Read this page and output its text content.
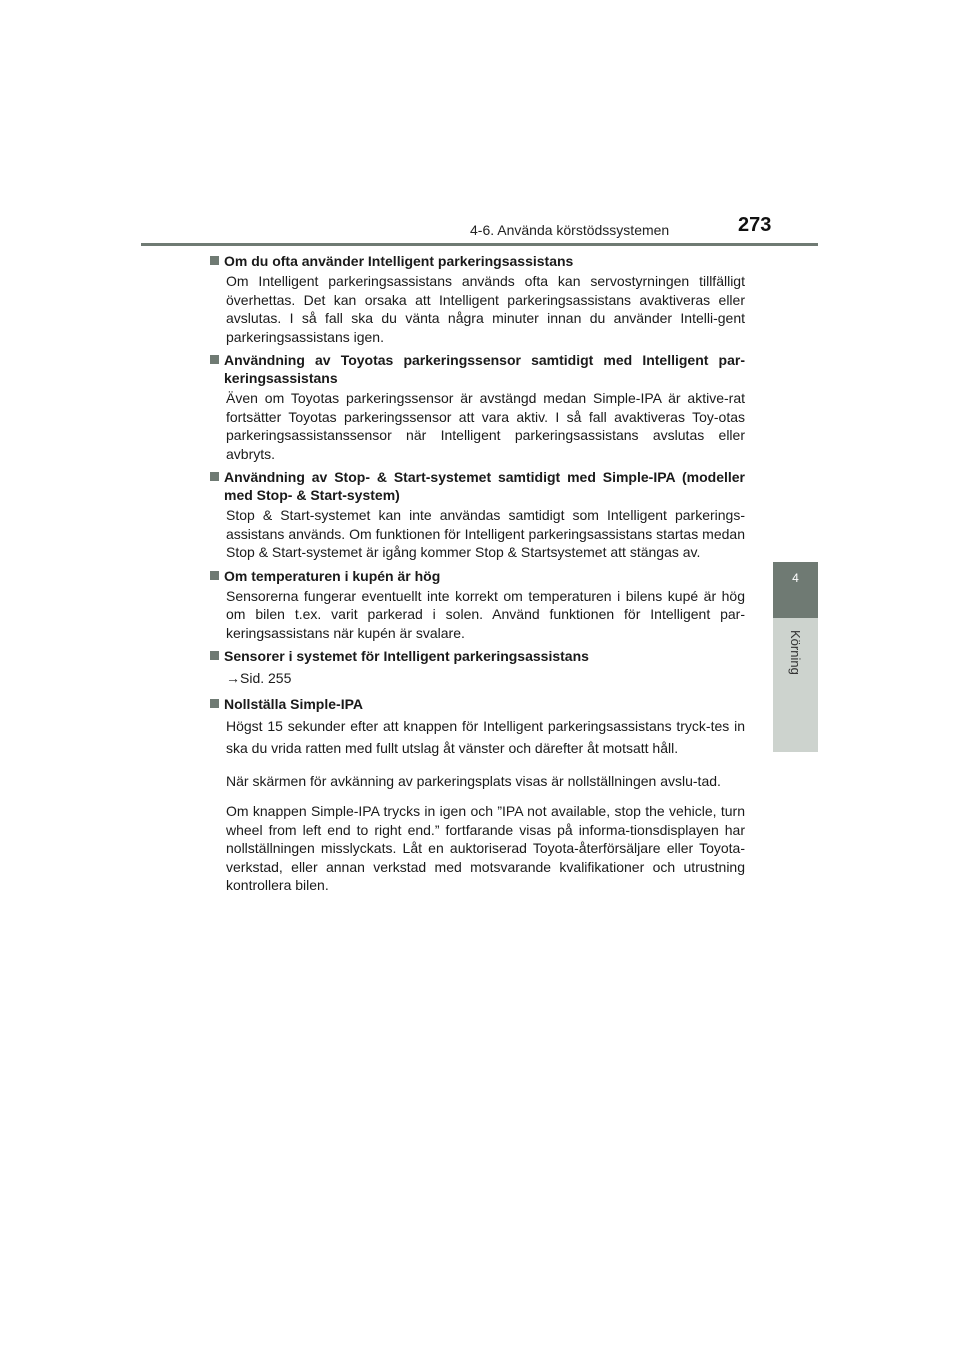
4-6. Använda körstödssystemen	273
4
Körning
Om du ofta använder Intelligent parkeringsassistans
Om Intelligent parkeringsassistans används ofta kan servostyrningen tillfälligt överhettas. Det kan orsaka att Intelligent parkeringsassistans avaktiveras eller avslutas. I så fall ska du vänta några minuter innan du använder Intelli-gent parkeringsassistans igen.
Användning av Toyotas parkeringssensor samtidigt med Intelligent par-keringsassistans
Även om Toyotas parkeringssensor är avstängd medan Simple-IPA är aktive-rat fortsätter Toyotas parkeringssensor att vara aktiv. I så fall avaktiveras Toy-otas parkeringsassistanssensor när Intelligent parkeringsassistans avslutas eller avbryts.
Användning av Stop- & Start-systemet samtidigt med Simple-IPA (modeller med Stop- & Start-system)
Stop & Start-systemet kan inte användas samtidigt som Intelligent parkerings-assistans används. Om funktionen för Intelligent parkeringsassistans startas medan Stop & Start-systemet är igång kommer Stop & Startsystemet att stängas av.
Om temperaturen i kupén är hög
Sensorerna fungerar eventuellt inte korrekt om temperaturen i bilens kupé är hög om bilen t.ex. varit parkerad i solen. Använd funktionen för Intelligent par-keringsassistans när kupén är svalare.
Sensorer i systemet för Intelligent parkeringsassistans
→Sid. 255
Nollställa Simple-IPA
Högst 15 sekunder efter att knappen för Intelligent parkeringsassistans tryck-tes in ska du vrida ratten med fullt utslag åt vänster och därefter åt motsatt håll.
När skärmen för avkänning av parkeringsplats visas är nollställningen avslu-tad.
Om knappen Simple-IPA trycks in igen och ”IPA not available, stop the vehicle, turn wheel from left end to right end.” fortfarande visas på informa-tionsdisplayen har nollställningen misslyckats. Låt en auktoriserad Toyota-återförsäljare eller Toyota-verkstad, eller annan verkstad med motsvarande kvalifikationer och utrustning kontrollera bilen.
